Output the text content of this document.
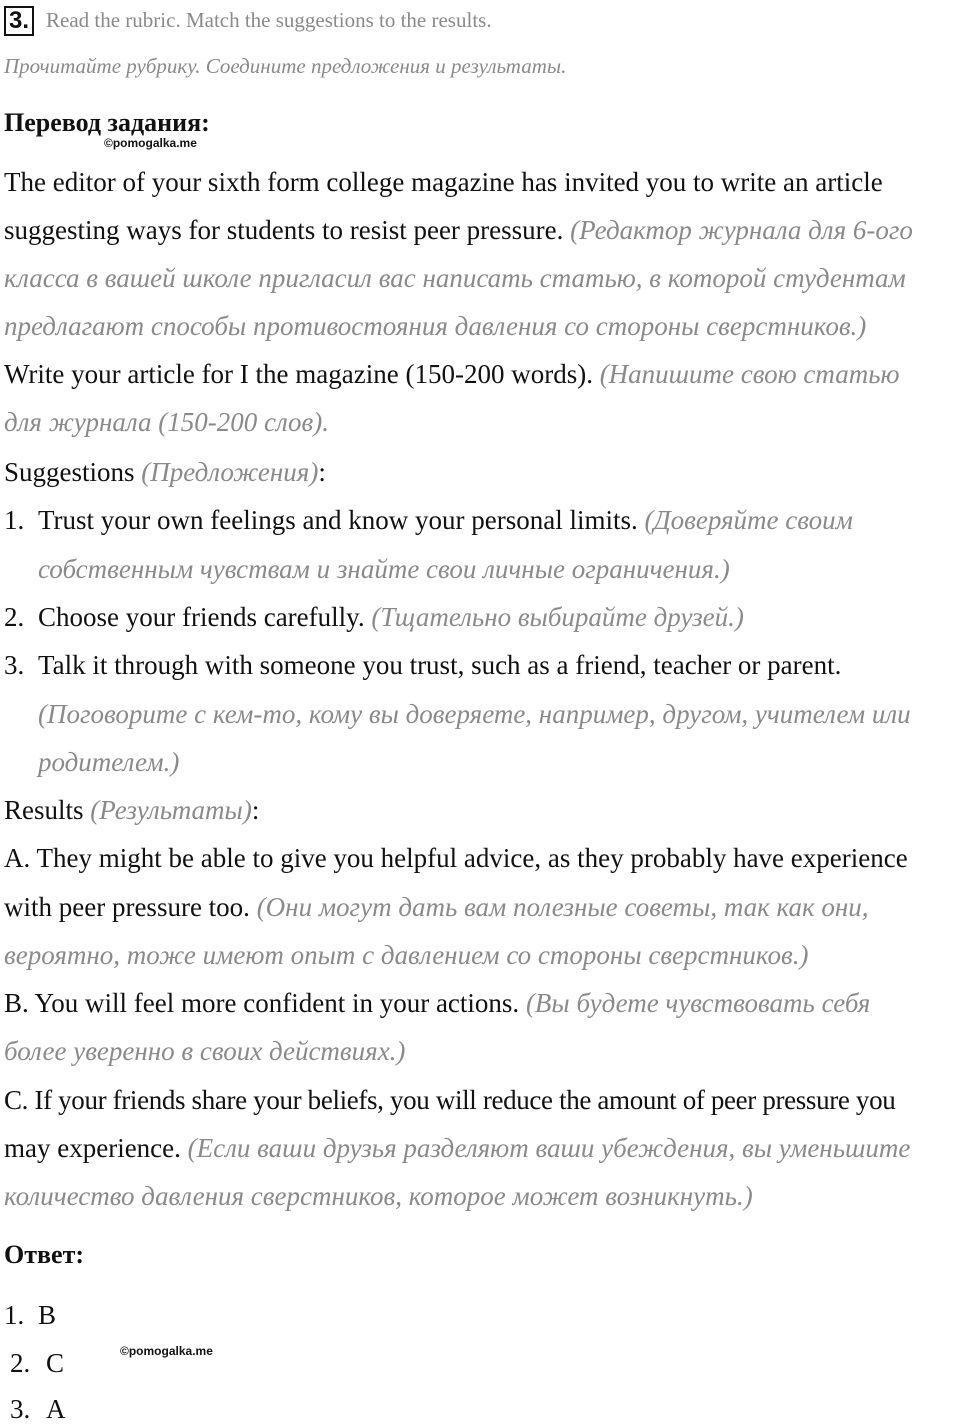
3. Read the rubric. Match the suggestions to the results.
Прочитайте рубрику. Соедините предложения и результаты.
Перевод задания:
©pomogalka.me
The editor of your sixth form college magazine has invited you to write an article
suggesting ways for students to resist peer pressure. (Редактор журнала для 6-ого
класса в вашей школе пригласил вас написать статью, в которой студентам
предлагают способы противостояния давления со стороны сверстников.)
Write your article for I the magazine (150-200 words). (Напишите свою статью
для журнала (150-200 слов).
Suggestions (Предложения):
1. Trust your own feelings and know your personal limits. (Доверяйте своим
собственным чувствам и знайте свои личные ограничения.)
2. Choose your friends carefully. (Тщательно выбирайте друзей.)
3. Talk it through with someone you trust, such as a friend, teacher or parent.
(Поговорите с кем-то, кому вы доверяете, например, другом, учителем или
родителем.)
Results (Результаты):
A. They might be able to give you helpful advice, as they probably have experience
with peer pressure too. (Они могут дать вам полезные советы, так как они,
вероятно, тоже имеют опыт с давлением со стороны сверстников.)
B. You will feel more confident in your actions. (Вы будете чувствовать себя
более уверенно в своих действиях.)
C. If your friends share your beliefs, you will reduce the amount of peer pressure you
may experience. (Если ваши друзья разделяют ваши убеждения, вы уменьшите
количество давления сверстников, которое может возникнуть.)
Ответ:
1. B
2. C	©pomogalka.me
3. A
